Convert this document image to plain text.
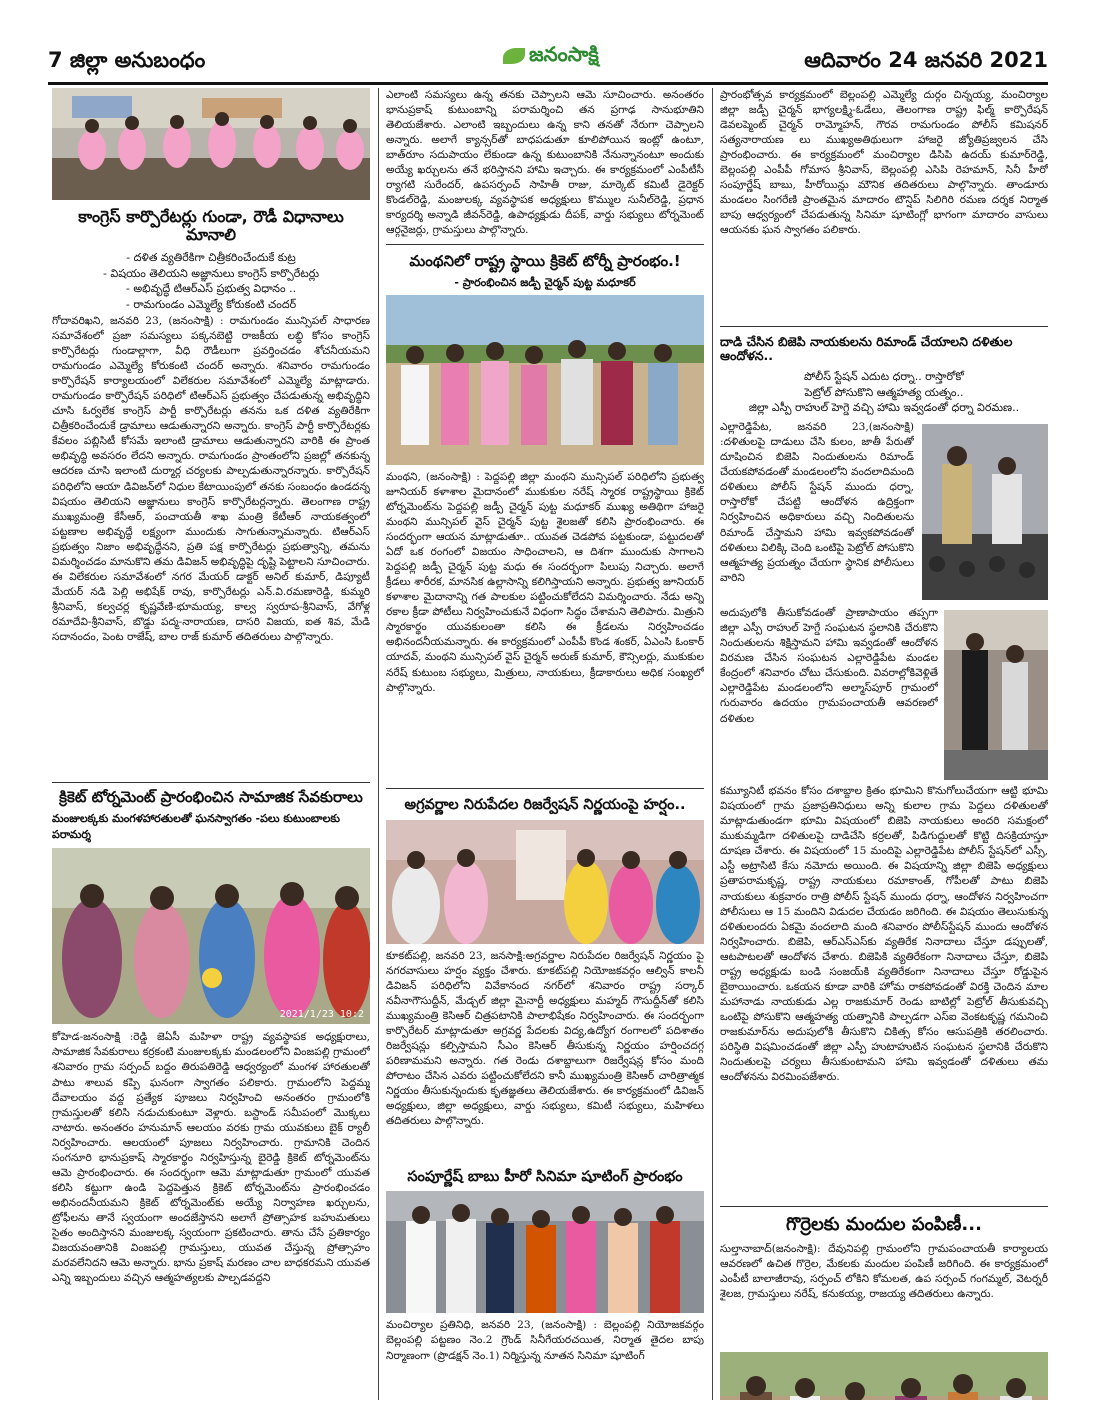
7 జిల్లా అనుబంధం	జనంసాక్షి	ఆదివారం 24 జనవరి 2021
కాంగ్రెస్ కార్పొరేటర్లు గుండా, రౌడీ విధానాలు మానాలి
- దళిత వ్యతిరేకిగా చిత్రీకరించేందుకే కుట్ర
- విషయం తెలియని అజ్ఞానులు కాంగ్రెస్ కార్పొరేటర్లు
- అభివృద్ధే టిఆర్‌ఎస్ ప్రభుత్వ విధానం ..
- రామగుండం ఎమ్మెల్యే కోరుకంటి చందర్

గోదావరిఖని, జనవరి 23, (జనంసాక్షి) : రామగుండం మున్సిపల్ సాధారణ సమావేశంలో ప్రజా సమస్యలు పక్కనబెట్టి రాజకీయ లబ్ధి కోసం కాంగ్రెస్ కార్పొరేటర్లు గుండాల్లాగా, వీధి రౌడీలుగా ప్రవర్తించడం శోచనీయమని రామగుండం ఎమ్మెల్యే కోరుకంటి చందర్ అన్నారు. శనివారం రామగుండం కార్పొరేషన్ కార్యాలయంలో విలేకరుల సమావేశంలో ఎమ్మెల్యే మాట్లాడారు. రామగుండం కార్పొరేషన్ పరిధిలో టిఆర్‌ఎస్ ప్రభుత్వం చేపడుతున్న అభివృద్ధిని చూసి ఓర్వలేక కాంగ్రెస్ పార్టీ కార్పొరేటర్లు తనను ఒక దళిత వ్యతిరేకిగా చిత్రీకరించేందుకే డ్రామాలు ఆడుతున్నారని అన్నారు. కాంగ్రెస్ పార్టీ కార్పొరేటర్లకు కేవలం పబ్లిసిటీ కోసమే ఇలాంటి డ్రామాలు ఆడుతున్నారని వారికి ఈ ప్రాంత అభివృద్ధి అవసరం లేదని అన్నారు. రామగుండం ప్రాంతంలోని ప్రజల్లో తనకున్న ఆదరణ చూసి ఇలాంటి దుర్మార్గ చర్యలకు పాల్పడుతున్నారన్నారు. కార్పొరేషన్ పరిధిలోని ఆయా డివిజన్‌లో నిధుల కేటాయింపులో తనకు సంబంధం ఉండదన్న విషయం తెలియని అజ్ఞానులు కాంగ్రెస్ కార్పొరేటర్లన్నారు. తెలంగాణ రాష్ట్ర ముఖ్యమంత్రి కేసీఆర్, పంచాయతీ శాఖ మంత్రి కేటీఆర్ నాయకత్వంలో పట్టణాల అభివృద్ధే లక్ష్యంగా ముందుకు సాగుతున్నామన్నారు. టిఆర్‌ఎస్ ప్రభుత్వం నిజాం అభివృద్ధేనని, ప్రతి పక్ష కార్పొరేటర్లు ప్రభుత్వాన్ని, తమను విమర్శించడం మానుకొని తమ డివిజన్ అభివృద్ధిపై దృష్టి పెట్టాలని సూచించారు. ఈ విలేకరుల సమావేశంలో నగర మేయర్ డాక్టర్ అనిల్ కుమార్, డిప్యూటీ మేయర్ నడి పెల్లి అభిషేక్ రావు, కార్పొరేటర్లు ఎన్.వి.రమణారెడ్డి, కుమ్మరి శ్రీనివాస్, కల్వచర్ల కృష్ణవేణి-భూమయ్య, కాల్వ స్వరూప-శ్రీనివాస్, వేగోళ్ల రమాదేవి-శ్రీనివాస్, బొడ్డు పద్మ-నారాయణ, దాసరి విజయ, ఐత శివ, మేడి సదానందం, పెంట రాజేష్, బాల రాజ్ కుమార్ తదితరులు పాల్గొన్నారు.

క్రికెట్ టోర్నమెంట్ ప్రారంభించిన సామాజిక సేవకురాలు
మంజులక్కకు మంగళహారతులతో ఘనస్వాగతం -పలు కుటుంబాలకు పరామర్శ
2021/1/23 10:2

కోహెడ-జనంసాక్షి :రెడ్డి జెఏసీ మహిళా రాష్ట్ర వ్యవస్థాపక అధ్యక్షురాలు, సామాజిక సేవకురాలు కర్రకంటి మంజులక్కకు మండలంలోని వింజపల్లి గ్రామంలో శనివారం గ్రామ సర్పంచ్ బద్దం తిరుపతిరెడ్డి ఆధ్వర్యంలో మంగళ హారతులతో పాటు శాలువ కప్పి ఘనంగా స్వాగతం పలికారు. గ్రామంలోని పెద్దమ్మ దేవాలయం వద్ద ప్రత్యేక పూజలు నిర్వహించి అనంతరం గ్రామంలోకి గ్రామస్తులతో కలిసి నడుచుకుంటూ వెళ్లారు. బస్టాండ్ సమీపంలో మొక్కలు నాటారు. అనంతరం హనుమాన్ ఆలయం వరకు గ్రామ యువకులు బైక్ ర్యాలీ నిర్వహించారు. ఆలయంలో పూజలు నిర్వహించారు. గ్రామానికి చెందిన సంగనూరి భానుప్రకాష్ స్మారకార్థం నిర్వహిస్తున్న బైరెడ్డి క్రికెట్ టోర్నమెంట్‌ను ఆమె ప్రారంభించారు. ఈ సందర్భంగా ఆమె మాట్లాడుతూ గ్రామంలో యువత కలిసి కట్టుగా ఉండి పెద్దపెత్తున క్రికెట్ టోర్నమెంట్‌ను ప్రారంభించడం అభినందనీయమని క్రికెట్ టోర్నమెంట్‌కు అయ్యే నిర్వాహణ ఖర్చులను, ట్రోఫీలను తానే స్వయంగా అందజేస్తానని అలాగే ప్రోత్సాహక బహుమతులు సైతం అందిస్తానని మంజులక్క స్వయంగా ప్రకటించారు. తాను చేసే ప్రతికార్యం విజయవంతానికి వింజపల్లి గ్రామస్తులు, యువత చేస్తున్న ప్రోత్సాహం మరవలేనిదని ఆమె అన్నారు. భాను ప్రకాష్ మరణం చాల బాధకరమని యువత ఎన్ని ఇబ్బందులు వచ్చిన ఆత్మహత్యలకు పాల్పడవద్దని

ఎలాంటి సమస్యలు ఉన్న తనకు చెప్పాలని ఆమె సూచించారు. అనంతరం భానుప్రకాష్ కుటుంబాన్ని పరామర్శించి తన ప్రగాఢ సానుభూతిని తెలియజేశారు. ఎలాంటి ఇబ్బందులు ఉన్న కాని తనతో నేరుగా చెప్పాలని అన్నారు. అలాగే క్యాన్సర్‌తో బాధపడుతూ కూలిపోయిన ఇంట్లో ఉంటూ, బాత్‌రూం సదుపాయం లేకుండా ఉన్న కుటుంబానికి నేనున్నానంటూ అందుకు అయ్యే ఖర్చులను తనే భరిస్తానని హామి ఇచ్చారు. ఈ కార్యక్రమంలో ఎంపీటీసీ ర్యాగటి సురేందర్, ఉపసర్పంచ్ సాహితీ రాజు, మార్కెట్ కమిటీ డైరెక్టర్ కొండల్‌రెడ్డి, మంజులక్క వ్యవస్థాపక అధ్యక్షులు కొమ్ముల సునీల్‌రెడ్డి, ప్రధాన కార్యదర్శి అన్నాడి జీవన్‌రెడ్డి, ఉపాధ్యక్షుడు దీపక్, వార్డు సభ్యులు టోర్నమెంట్ ఆర్గనైజర్లు, గ్రామస్తులు పాల్గొన్నారు.

మంథనిలో రాష్ట్ర స్థాయి క్రికెట్ టోర్నీ ప్రారంభం.!
- ప్రారంభించిన జడ్పీ చైర్మన్ పుట్ట మధూకర్

మంథని, (జనంసాక్షి) : పెద్దపల్లి జిల్లా మంథని మున్సిపల్ పరిధిలోని ప్రభుత్వ జూనియర్ కళాశాల మైదానంలో ముకుకుల నరేష్ స్మారక రాష్ట్రస్థాయి క్రికెట్ టోర్నమెంట్‌ను పెద్దపల్లి జడ్పీ చైర్మన్ పుట్ట మధూకర్ ముఖ్య అతిథిగా హాజరై మంథని మున్సిపల్ వైస్ చైర్మన్ పుట్ట శైలజతో కలిసి ప్రారంభించారు. ఈ సందర్భంగా ఆయన మాట్లాడుతూ.. యువత చెడపోవ పట్టకుండా, పట్టుదలతో ఏదో ఒక రంగంలో విజయం సాధించాలని, ఆ దిశగా ముందుకు సాగాలని పెద్దపల్లి జడ్పీ చైర్మన్ పుట్ట మధు ఈ సందర్భంగా పిలుపు నిచ్చారు. అలాగే క్రీడలు శారీరక, మానసిక ఉల్లాసాన్ని కలిగిస్తాయని అన్నారు. ప్రభుత్వ జూనియర్ కళాశాల మైదానాన్ని గత పాలకుల పట్టించుకోలేదని విమర్శించారు. నేడు అన్ని రకాల క్రీడా పోటీలు నిర్వహించుకునే విధంగా సిద్ధం చేశామని తెలిపారు. మిత్రుని స్మారకార్థం యువకులంతా కలిసి ఈ క్రీడలను నిర్వహించడం అభినందనీయమన్నారు. ఈ కార్యక్రమంలో ఎంపీపీ కొండ శంకర్, ఏఎంసి ఓంకార్ యాదవ్, మంథని మున్సిపల్ వైస్ చైర్మన్ అరుణ్ కుమార్, కౌన్సిలర్లు, ముకుకుల నరేష్ కుటుంబ సభ్యులు, మిత్రులు, నాయకులు, క్రీడాకారులు అధిక సంఖ్యలో పాల్గొన్నారు.

అగ్రవర్ణాల నిరుపేదల రిజర్వేషన్ నిర్ణయంపై హర్షం..

కూకట్‌పల్లి, జనవరి 23, జనసాక్షి:అగ్రవర్ణాల నిరుపేదల రిజర్వేషన్ నిర్ణయం పై నగరవాసులు హర్షం వ్యక్తం చేశారు. కూకట్‌పల్లి నియోజకవర్గం ఆల్విన్ కాలనీ డివిజన్ పరిధిలోని వివేకానంద నగర్‌లో శనివారం రాష్ట్ర సర్కార్ నవీనాగౌసుద్దీన్, మేడ్చల్ జిల్లా మైనార్టీ అధ్యక్షులు మహ్మద్ గౌసుద్దీన్‌తో కలిసి ముఖ్యమంత్రి కెసిఆర్ చిత్రపటానికి పాలాభిషేకం నిర్వహించారు. ఈ సందర్భంగా కార్పొరేటర్ మాట్లాడుతూ అగ్రవర్ణ పేదలకు విద్య,ఉద్యోగ రంగాలలో పదిశాతం రిజర్వేషన్లు కల్పిస్తామని సీఎం కెసిఆర్ తీసుకున్న నిర్ణయం హర్షించదగ్గ పరిణామమని అన్నారు. గత రెండు దశాబ్దాలుగా రిజర్వేషన్ల కోసం మంది పోరాటం చేసిన ఎవరు పట్టించుకోలేదని కానీ ముఖ్యమంత్రి కెసిఆర్ చారిత్రాత్మక నిర్ణయం తీసుకున్నందుకు కృతజ్ఞతలు తెలియజేశారు. ఈ కార్యక్రమంలో డివిజన్ అధ్యక్షులు, జిల్లా అధ్యక్షులు, వార్డు సభ్యులు, కమిటీ సభ్యులు, మహిళలు తదితరులు పాల్గొన్నారు.

సంపూర్ణేష్ బాబు హీరో సినిమా షూటింగ్ ప్రారంభం

మంచిర్యాల ప్రతినిధి, జనవరి 23, (జనంసాక్షి) : బెల్లంపల్లి నియోజకవర్గం బెల్లంపల్లి పట్టణం నెం.2 గ్రౌండ్ సినీగేయరచయిత, నిర్మాత తైదల బాపు నిర్మాణంగా (ప్రొడక్షన్ నెం.1) నిర్మిస్తున్న నూతన సినిమా షూటింగ్

ప్రారంభోత్సవ కార్యక్రమంలో బెల్లంపల్లి ఎమ్మెల్యే దుర్గం చిన్నయ్య, మంచిర్యాల జిల్లా జడ్పీ చైర్మన్ భాగ్యలక్ష్మి-ఓడేలు, తెలంగాణ రాష్ట్ర ఫిల్మ్ కార్పొరేషన్ డెవలప్మెంట్ చైర్మన్ రామ్మోహన్, గౌరవ రామగుండం పోలీస్ కమిషనర్ సత్యనారాయణ లు ముఖ్యఅతిథులుగా హాజరై జ్యోతిప్రజ్వలన చేసి ప్రారంభించారు. ఈ కార్యక్రమంలో మంచిర్యాల డిసిపి ఉదయ్ కుమార్‌రెడ్డి, బెల్లంపల్లి ఎంపీపీ గోమాస శ్రీనివాస్, బెల్లంపల్లి ఎసిపి రెహమాన్, సినీ హీరో సంపూర్ణేష్ బాబు, హీరోయిన్లు మౌనిక తదితరులు పాల్గొన్నారు. తాండూరు మండలం సింగరేణి ప్రాంతమైన మాదారం టౌన్షిప్ సిలిగిరి రమణ దర్శక నిర్మాత బాపు ఆధ్వర్యంలో చేపడుతున్న సినిమా షూటింగ్లో భాగంగా మాదారం వాసులు ఆయనకు ఘన స్వాగతం పలికారు.

దాడి చేసిన బిజెపి నాయకులను రిమాండ్ చేయాలని దళితుల ఆందోళన..
పోలీస్ స్టేషన్ ఎదుట ధర్నా.. రాస్తారోకో
పెట్రోల్ పోసుకొని ఆత్మహత్య యత్నం..
జిల్లా ఎస్పీ రాహుల్ హెగ్డె వచ్చి హామి ఇవ్వడంతో ధర్నా విరమణ..

ఎల్లారెడ్డిపేట, జనవరి 23,(జనంసాక్షి) :దళితులపై దాడులు చేసి కులం, జాతీ పేరుతో దూషించిన బిజెపి నిందుతులను రిమాండ్ చేయకపోవడంతో మండలంలోని వందలాదిమంది దళితులు పోలీస్ స్టేషన్ ముందు ధర్నా, రాస్తారోకో చేపట్టి ఆందోళన ఉద్రిక్తంగా నిర్వహించిన అధికారులు వచ్చి నిందితులను రిమాండ్ చేస్తామని హామి ఇవ్వకపోవడంతో దళితులు విలిక్కి చెంది ఒంటిపై పెట్రోల్ పోసుకొని ఆత్మహత్య ప్రయత్నం చేయగా స్థానిక పోలీసులు వారిని

అదుపులోకి తీసుకోవడంతో ప్రాణాపాయం తప్పగా జిల్లా ఎస్పీ రాహుల్ హెగ్డే సంఘటన స్థలానికి చేరుకొని నిందుతులను శిక్షిస్తామని హామి ఇవ్వడంతో ఆందోళన విరమణ చేసిన సంఘటన ఎల్లారెడ్డిపేట మండల కేంద్రంలో శనివారం చోటు చేసుకుంది. వివరాల్లోకివెళ్లితే ఎల్లారెడ్డిపేట మండలంలోని అల్మాస్‌పూర్ గ్రామంలో గురువారం ఉదయం గ్రామపంచాయతీ ఆవరణలో దళితుల

కమ్యూనిటీ భవనం కోసం దశాబ్దాల క్రితం భూమిని కొనుగోలుచేయగా ఆట్టి భూమి విషయంలో గ్రామ ప్రజాప్రతినిధులు అన్ని కులాల గ్రామ పెద్దలు దళితులతో మాట్లాడుతుండగా భూమి విషయంలో బిజెపి నాయకులు అందరి సమక్షంలో ముకుమ్మడిగా దళితులపై దాడిచేసి కర్రలతో, పిడిగుద్దులతో కొట్టి దిసక్రియాస్తూ దూషణ చేశారు. ఈ విషయంలో 15 మందిపై ఎల్లారెడ్డిపేట పోలీస్ స్టేషన్‌లో ఎస్సీ, ఎస్టీ అట్రాసిటి కేసు నమోదు అయింది. ఈ విషయాన్ని జిల్లా బిజెపి అధ్యక్షులు ప్రతాపరామకృష్ణ, రాష్ట్ర నాయకులు రమాకాంత్, గోపీలతో పాటు బిజెపి నాయకులు శుక్రవారం రాత్రి పోలీస్ స్టేషన్ ముందు ధర్నా, ఆందోళన నిర్వహించగా పోలీసులు ఆ 15 మందిని విడుదల చేయడం జరిగింది. ఈ విషయం తెలుసుకున్న దళితులందరు ఏకమై వందలాది మంది శనివారం పోలీస్‌స్టేషన్ ముందు ఆందోళన నిర్వహించారు. బిజెపి, ఆర్‌ఎస్‌ఎస్‌కు వ్యతిరేక నినాదాలు చేస్తూ డప్పులతో, ఆటపాటలతో ఆందోళన చేశారు. బిజెపికి వ్యతిరేకంగా నినాదాలు చేస్తూ, బిజెపి రాష్ట్ర అధ్యక్షుడు బండి సంజయ్‌కి వ్యతిరేకంగా నినాదాలు చేస్తూ రోడ్డుపైన బైఠాయించారు. ఒకయన కూడా వారికి హోమ రాకపోవడంతో విరక్తి చెందిన మాల మహానాడు నాయకుడు ఎల్ల రాజకుమార్ రెండు బాటిల్లో పెట్రోల్ తీసుకువచ్చి ఒంటిపై పోసుకొని ఆత్మహత్య యత్నానికి పాల్పడగా ఎస్ఐ వెంకటకృష్ణ గమనించి రాజకుమార్‌ను అదుపులోకి తీసుకొని చికిత్స కోసం ఆసుపత్రికి తరలించారు. పరిస్థితి విషమించడంతో జిల్లా ఎస్పీ హుటాహుటిన సంఘటన స్థలానికి చేరుకొని నిందుతులపై చర్యలు తీసుకుంటామని హామి ఇవ్వడంతో దళితులు తమ ఆందోళనను విరమింపజేశారు.

గొర్రెలకు మందుల పంపిణీ...

సుల్తానాబాద్(జనంసాక్షి): దేవునిపల్లి గ్రామంలోని గ్రామపంచాయతీ కార్యాలయ ఆవరణలో ఉచిత గొర్రెల, మేకలకు మందుల పంపిణీ జరిగింది. ఈ కార్యక్రమంలో ఎంపీటీ బాలాజీరావు, సర్పంచ్ లోకిని కోమలత, ఉప సర్పంచ్ గంగమ్మల్, వెటర్నరీ శైలజ, గ్రామస్తులు నరేష్, కనుకయ్య, రాజయ్య తదితరులు ఉన్నారు.
